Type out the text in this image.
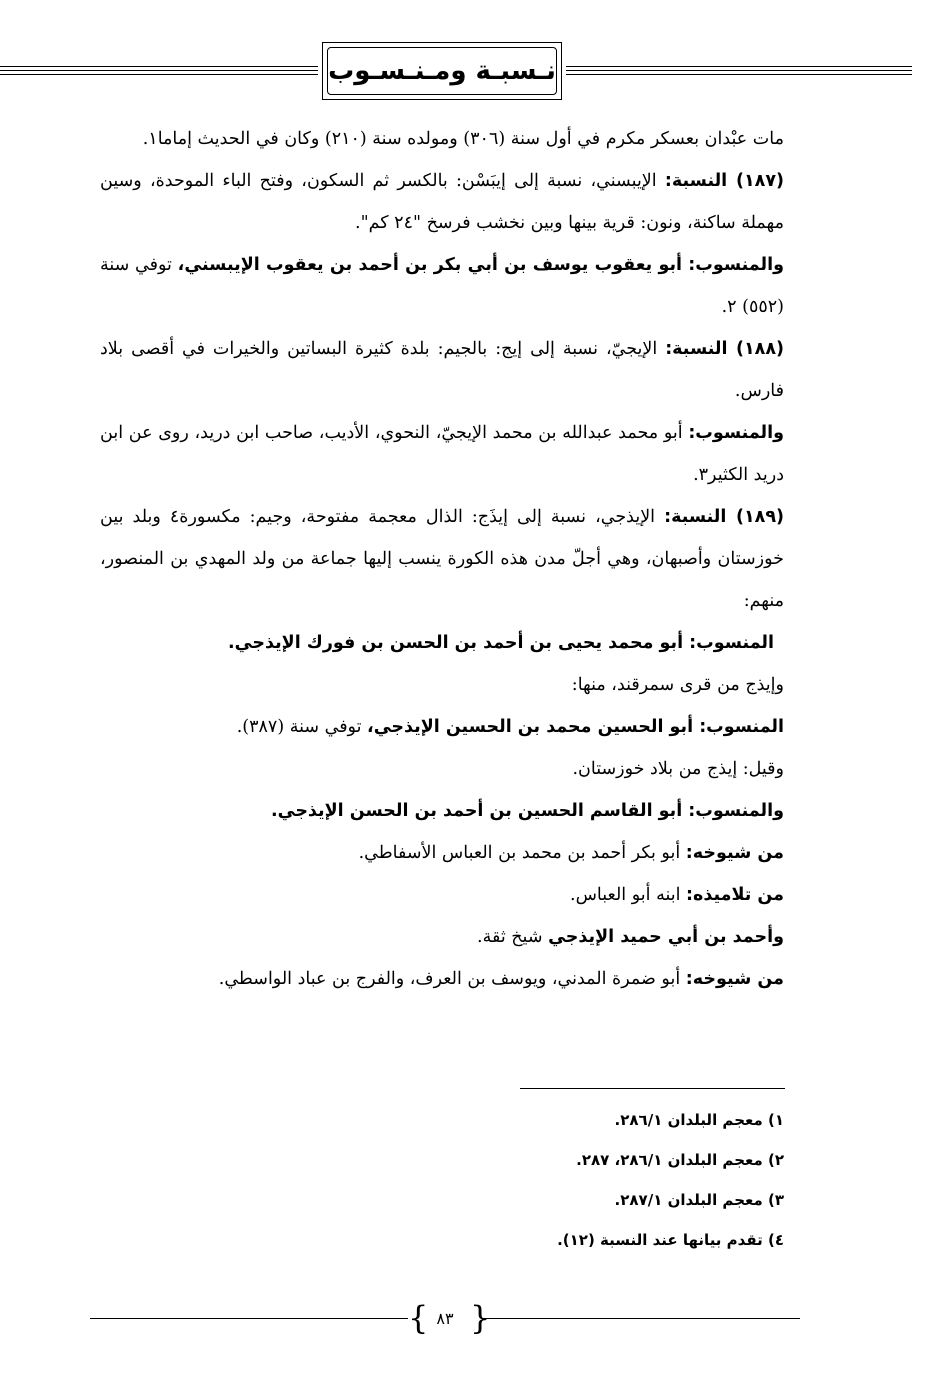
نـسبـة ومـنـسـوب

مات عبْدان بعسكر مكرم في أول سنة (٣٠٦) ومولده سنة (٢١٠) وكان في الحديث إماما١.

(١٨٧) النسبة: الإيبسني، نسبة إلى إيبَسْن: بالكسر ثم السكون، وفتح الباء الموحدة، وسين مهملة ساكنة، ونون: قرية بينها وبين نخشب فرسخ "٢٤ كم".

والمنسوب: أبو يعقوب يوسف بن أبي بكر بن أحمد بن يعقوب الإيبسني، توفي سنة (٥٥٢) ٢.

(١٨٨) النسبة: الإيجيّ، نسبة إلى إيج: بالجيم: بلدة كثيرة البساتين والخيرات في أقصى بلاد فارس.

والمنسوب: أبو محمد عبدالله بن محمد الإيجيّ، النحوي، الأديب، صاحب ابن دريد، روى عن ابن دريد الكثير٣.

(١٨٩) النسبة: الإيذجي، نسبة إلى إيذَج: الذال معجمة مفتوحة، وجيم: مكسورة٤ وبلد بين خوزستان وأصبهان، وهي أجلّ مدن هذه الكورة ينسب إليها جماعة من ولد المهدي بن المنصور، منهم:

المنسوب: أبو محمد يحيى بن أحمد بن الحسن بن فورك الإيذجي.

وإيذج من قرى سمرقند، منها:

المنسوب: أبو الحسين محمد بن الحسين الإيذجي، توفي سنة (٣٨٧).

وقيل: إيذج من بلاد خوزستان.

والمنسوب: أبو القاسم الحسين بن أحمد بن الحسن الإيذجي.

من شيوخه: أبو بكر أحمد بن محمد بن العباس الأسفاطي.

من تلاميذه: ابنه أبو العباس.

وأحمد بن أبي حميد الإيذجي شيخ ثقة.

من شيوخه: أبو ضمرة المدني، ويوسف بن العرف، والفرج بن عباد الواسطي.

١) معجم البلدان ٢٨٦/١.

٢) معجم البلدان ٢٨٦/١، ٢٨٧.

٣) معجم البلدان ٢٨٧/١.

٤) تقدم بيانها عند النسبة (١٢).

{ ٨٣ }
